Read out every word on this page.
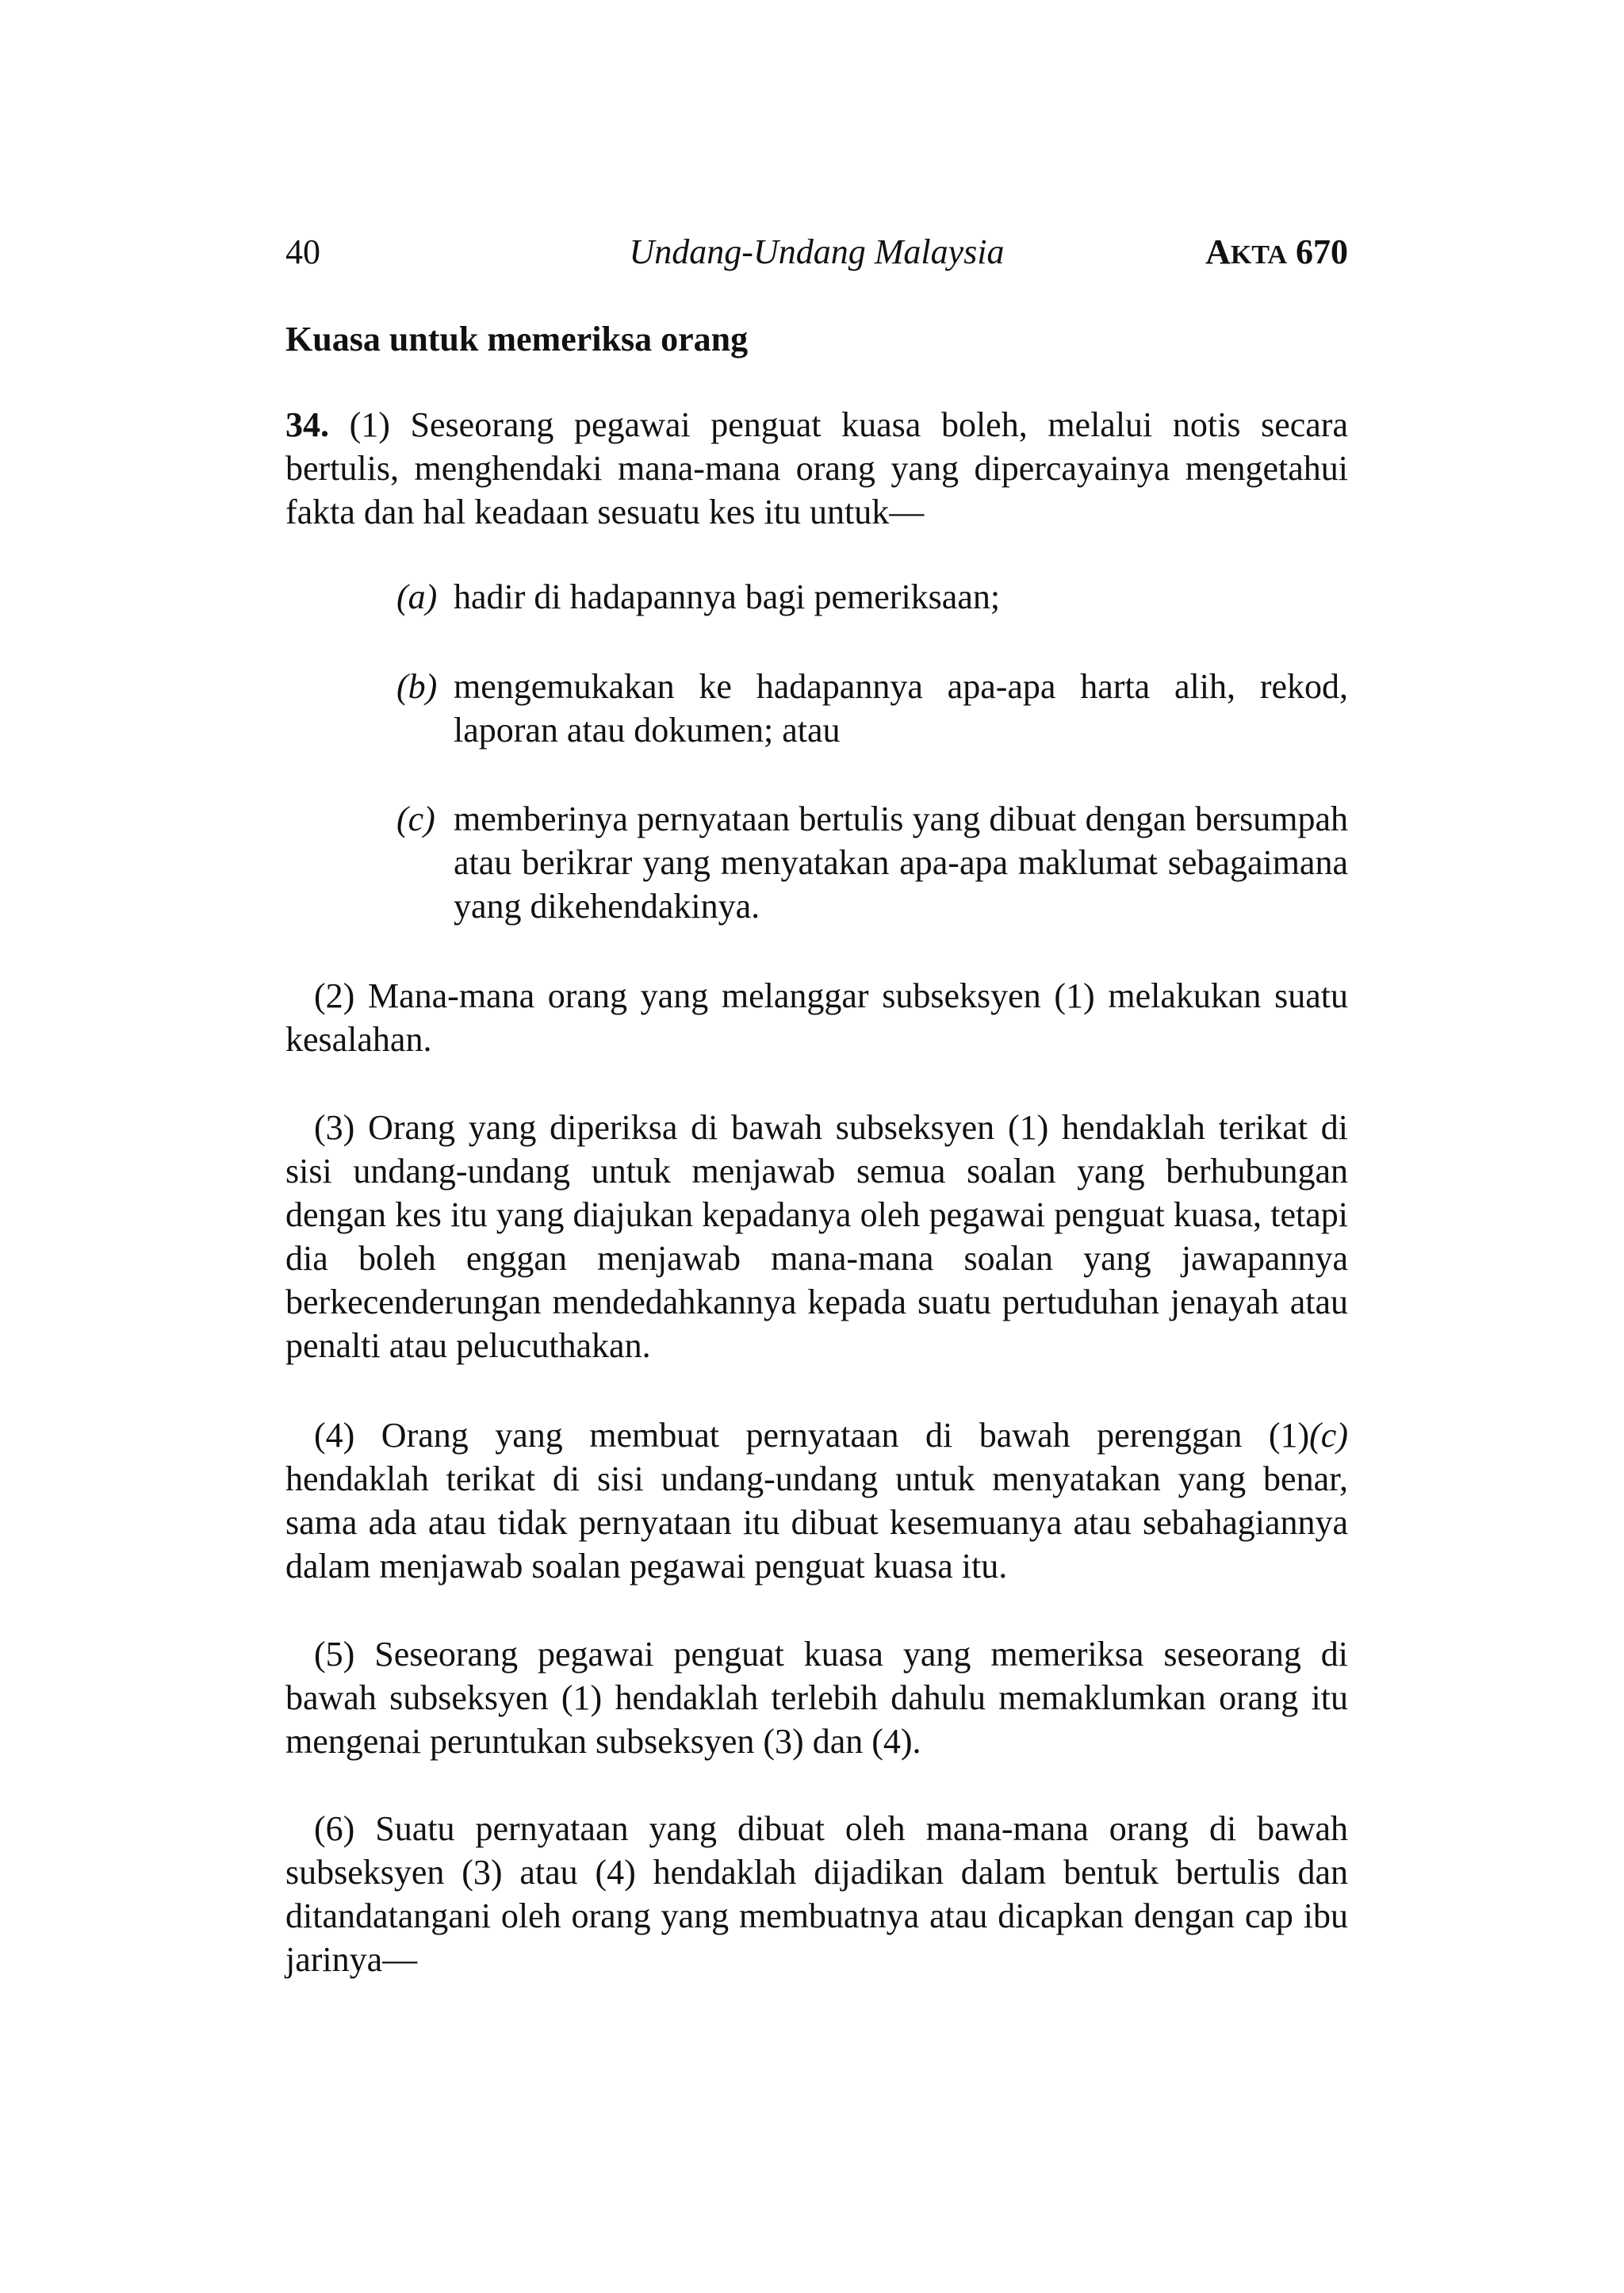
40	Undang-Undang Malaysia	AKTA 670
Kuasa untuk memeriksa orang

34. (1) Seseorang pegawai penguat kuasa boleh, melalui notis secara bertulis, menghendaki mana-mana orang yang dipercayainya mengetahui fakta dan hal keadaan sesuatu kes itu untuk—

(a) hadir di hadapannya bagi pemeriksaan;
(b) mengemukakan ke hadapannya apa-apa harta alih, rekod, laporan atau dokumen; atau
(c) memberinya pernyataan bertulis yang dibuat dengan bersumpah atau berikrar yang menyatakan apa-apa maklumat sebagaimana yang dikehendakinya.

(2) Mana-mana orang yang melanggar subseksyen (1) melakukan suatu kesalahan.

(3) Orang yang diperiksa di bawah subseksyen (1) hendaklah terikat di sisi undang-undang untuk menjawab semua soalan yang berhubungan dengan kes itu yang diajukan kepadanya oleh pegawai penguat kuasa, tetapi dia boleh enggan menjawab mana-mana soalan yang jawapannya berkecenderungan mendedahkannya kepada suatu pertuduhan jenayah atau penalti atau pelucuthakan.

(4) Orang yang membuat pernyataan di bawah perenggan (1)(c) hendaklah terikat di sisi undang-undang untuk menyatakan yang benar, sama ada atau tidak pernyataan itu dibuat kesemuanya atau sebahagiannya dalam menjawab soalan pegawai penguat kuasa itu.

(5) Seseorang pegawai penguat kuasa yang memeriksa seseorang di bawah subseksyen (1) hendaklah terlebih dahulu memaklumkan orang itu mengenai peruntukan subseksyen (3) dan (4).

(6) Suatu pernyataan yang dibuat oleh mana-mana orang di bawah subseksyen (3) atau (4) hendaklah dijadikan dalam bentuk bertulis dan ditandatangani oleh orang yang membuatnya atau dicapkan dengan cap ibu jarinya—
